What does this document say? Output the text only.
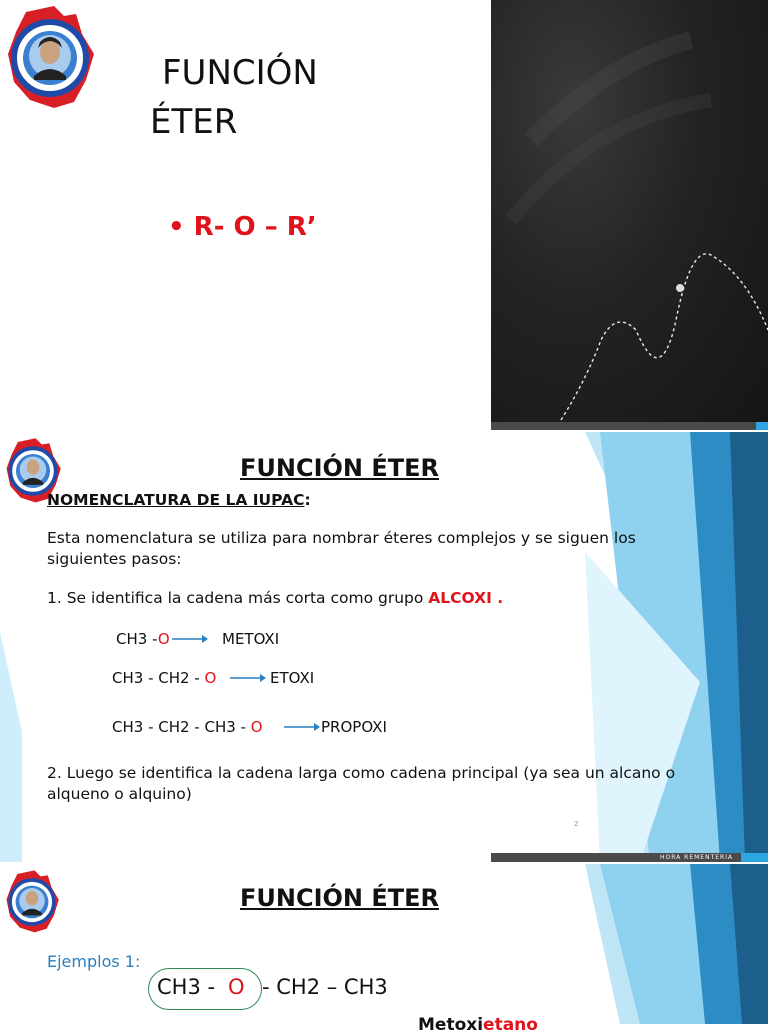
FUNCIÓN
ÉTER
• R- O – R’
FUNCIÓN ÉTER
NOMENCLATURA DE LA IUPAC:
Esta nomenclatura se utiliza para nombrar éteres complejos y se siguen los siguientes pasos:
1. Se identifica la cadena más corta como grupo ALCOXI .
CH3 -O	METOXI
CH3 - CH2 - O	ETOXI
CH3 - CH2 - CH3 - O	PROPOXI
2. Luego se identifica la cadena larga como cadena principal (ya sea un alcano o alqueno o alquino)
2
HORA REMENTERIA
FUNCIÓN ÉTER
Ejemplos 1:
CH3 - O - CH2 – CH3
Metoxietano
